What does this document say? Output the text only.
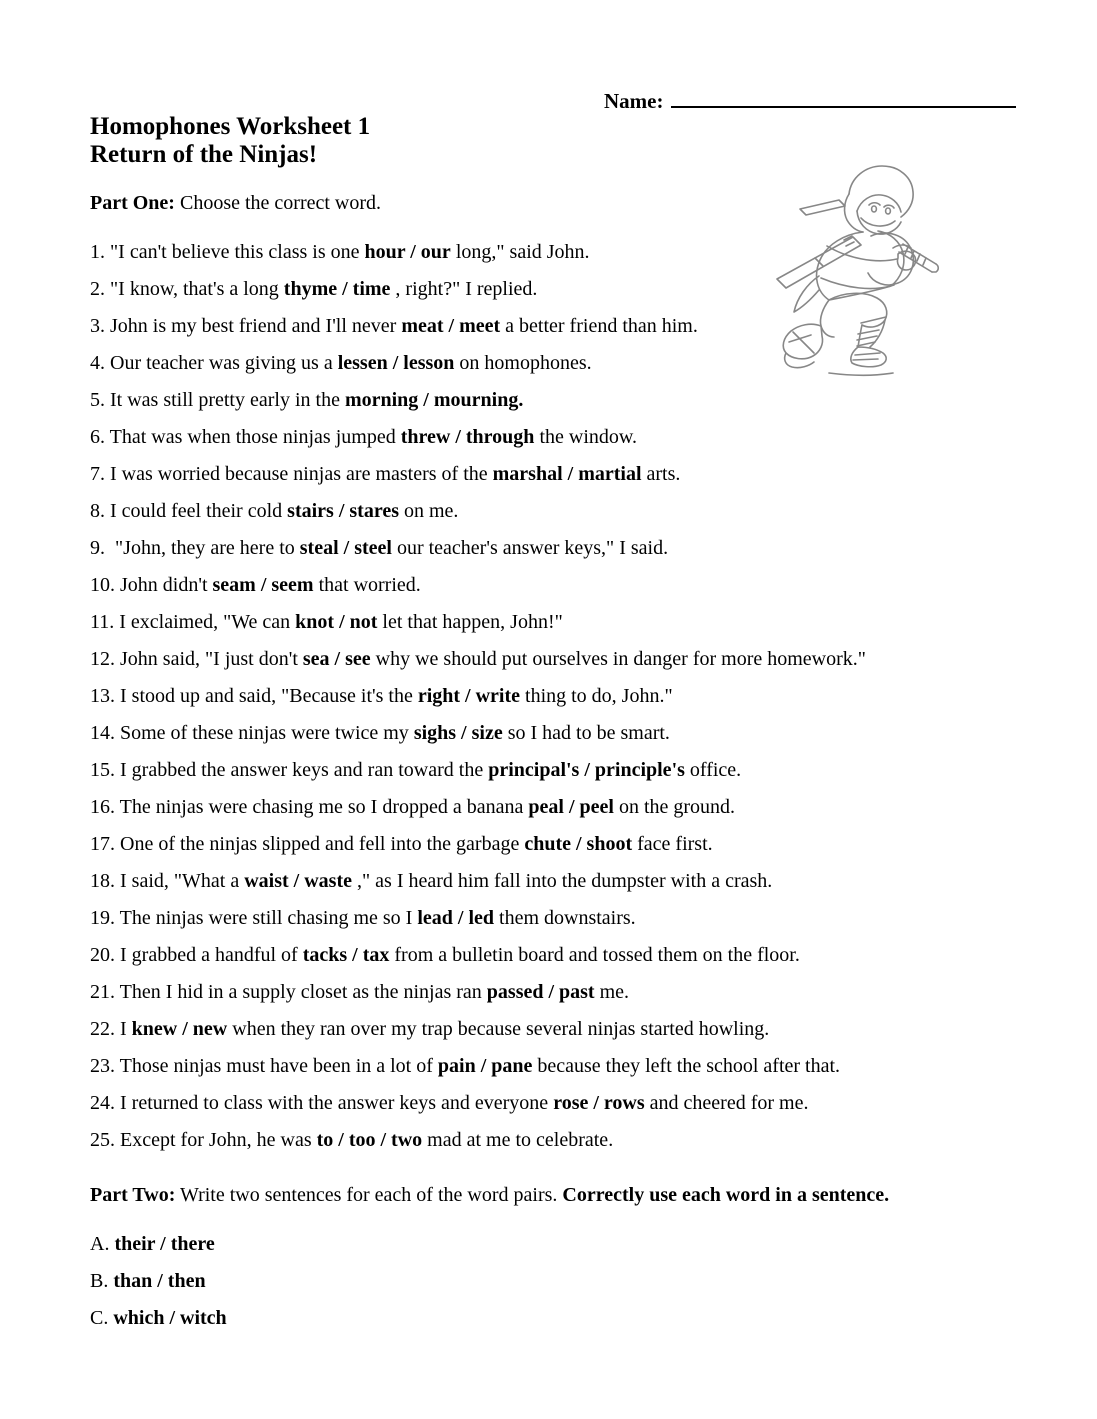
Name:
Homophones Worksheet 1
Return of the Ninjas!
Part One: Choose the correct word.
1. "I can't believe this class is one hour / our long," said John.
2. "I know, that's a long thyme / time , right?" I replied.
3. John is my best friend and I'll never meat / meet a better friend than him.
4. Our teacher was giving us a lessen / lesson on homophones.
5. It was still pretty early in the morning / mourning.
6. That was when those ninjas jumped threw / through the window.
7. I was worried because ninjas are masters of the marshal / martial arts.
8. I could feel their cold stairs / stares on me.
9.  "John, they are here to steal / steel our teacher's answer keys," I said.
10. John didn't seam / seem that worried.
11. I exclaimed, "We can knot / not let that happen, John!"
12. John said, "I just don't sea / see why we should put ourselves in danger for more homework."
13. I stood up and said, "Because it's the right / write thing to do, John."
14. Some of these ninjas were twice my sighs / size so I had to be smart.
15. I grabbed the answer keys and ran toward the principal's / principle's office.
16. The ninjas were chasing me so I dropped a banana peal / peel on the ground.
17. One of the ninjas slipped and fell into the garbage chute / shoot face first.
18. I said, "What a waist / waste ," as I heard him fall into the dumpster with a crash.
19. The ninjas were still chasing me so I lead / led them downstairs.
20. I grabbed a handful of tacks / tax from a bulletin board and tossed them on the floor.
21. Then I hid in a supply closet as the ninjas ran passed / past me.
22. I knew / new when they ran over my trap because several ninjas started howling.
23. Those ninjas must have been in a lot of pain / pane because they left the school after that.
24. I returned to class with the answer keys and everyone rose / rows and cheered for me.
25. Except for John, he was to / too / two mad at me to celebrate.
Part Two: Write two sentences for each of the word pairs. Correctly use each word in a sentence.
A. their / there
B. than / then
C. which / witch
